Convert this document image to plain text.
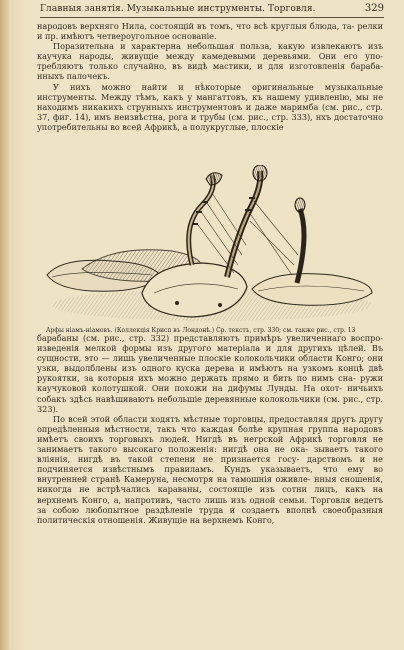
Главныя занятія. Музыкальные инструменты. Торговля.	329

народовъ верхняго Нила, состоящій въ томъ, что всѣ круглыя блюда, та- релки и пр. имѣютъ четвероугольное основаніе.

Поразительна и характерна небольшая польза, какую извлекаютъ изъ каучука народы, живущіе между камедевыми деревьями. Они его упо- требляютъ только случайно, въ видѣ мастики, и для изготовленія бараба- нныхъ палочекъ.

У нихъ можно найти и нѣкоторые оригинальные музыкальные инструменты. Между тѣмъ, какъ у мангаттовъ, къ нашему удивленію, мы не находимъ никакихъ струнныхъ инструментовъ и даже маримба (см. рис., стр. 37, фиг. 14), имъ неизвѣстна, рога и трубы (см. рис., стр. 333), нхъ достаточно употребительны во всей Африкѣ, а полукруглые, плоскіе

Арфы ніамъ-ніамовъ. (Коллекція Крисп въ Лондонѣ.) Ср. текстъ, стр. 330; см. также рис., стр. 13

барабаны (см. рис., стр. 332) представляютъ примѣръ увеличеннаго воспро- изведенія мелкой формы изъ другого матеріала и для другихъ цѣлей. Въ сущности, это — лишь увеличенные плоскіе колокольчики области Конго; они узки, выдолблены изъ одного куска дерева и имѣютъ на узкомъ концѣ двѣ рукоятки, за которыя ихъ можно держать прямо и бить по нимъ сна- ружи каучуковой колотушкой. Они похожи на дифумы Лунды. На охот- ничьихъ собакъ здѣсь навѣшиваютъ небольшіе деревянные колокольчики (см. рис., стр. 323).

По всей этой области ходятъ мѣстные торговцы, предоставляя другъ другу опредѣленныя мѣстности, такъ что каждая болѣе крупная группа народовъ имѣетъ своихъ торговыхъ людей. Нигдѣ въ негрской Африкѣ торговля не занимаетъ такого высокаго положенія: нигдѣ она не ока- зываетъ такого вліянія, нигдѣ въ такой степени не признается госу- дарствомъ и не подчиняется извѣстнымъ правиламъ. Кундъ указываетъ, что ему во внутренней странѣ Камеруна, несмотря на тамошнія оживле- нныя сношенія, никогда не встрѣчались караваны, состоящіе изъ сотни лицъ, какъ на верхнемъ Конго, а, напротивъ, часто лишь изъ одной семьи. Торговля ведетъ за собою любопытное раздѣленіе труда и создаетъ вполнѣ своеобразныя политическія отношенія. Живущіе на верхнемъ Конго,
